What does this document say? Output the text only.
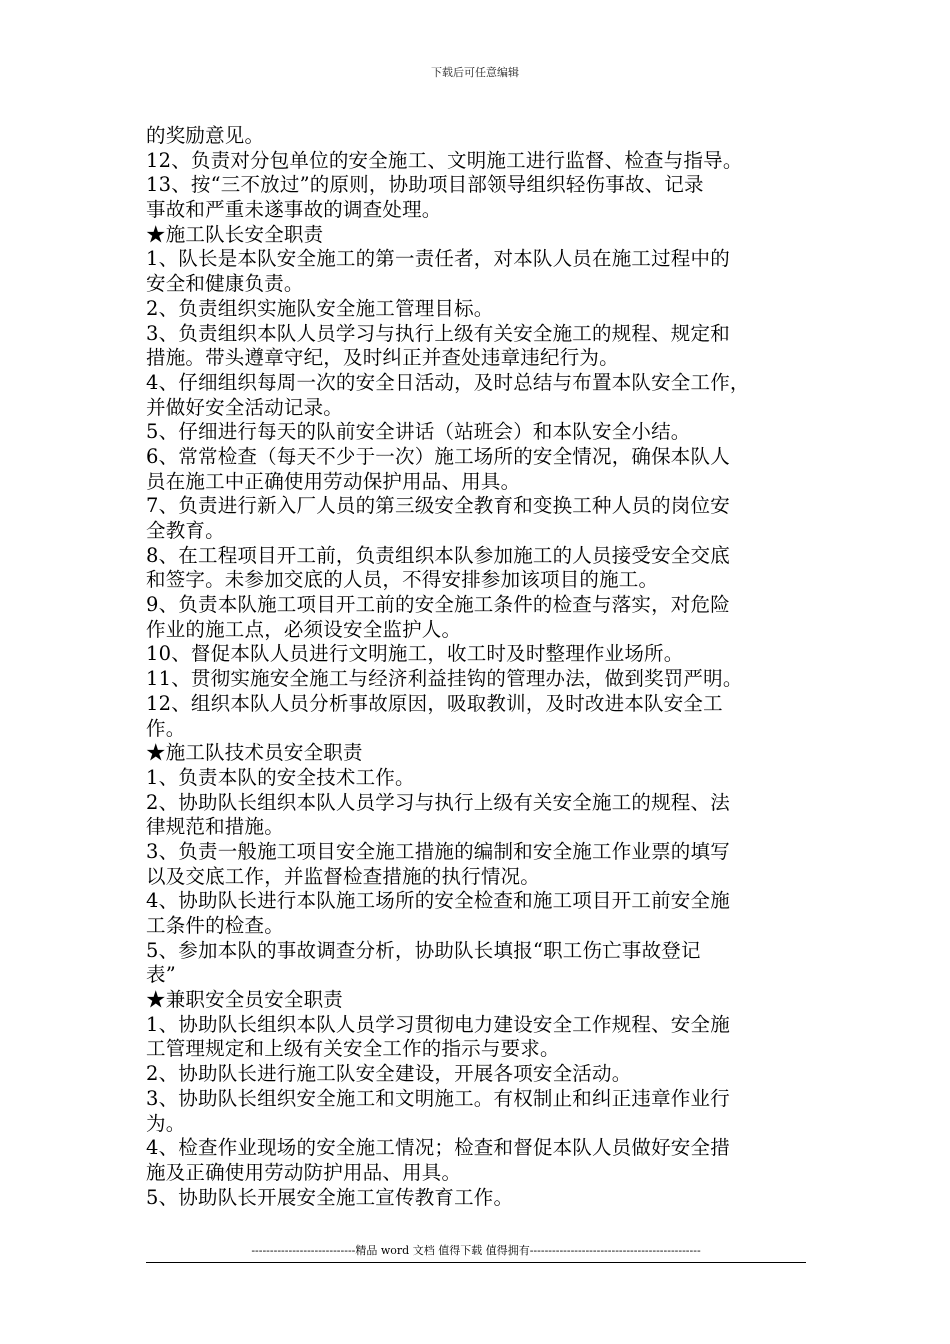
下载后可任意编辑
的奖励意见。
12、负责对分包单位的安全施工、文明施工进行监督、检查与指导。
13、按“三不放过”的原则，协助项目部领导组织轻伤事故、记录
事故和严重未遂事故的调查处理。
★施工队长安全职责
1、队长是本队安全施工的第一责任者，对本队人员在施工过程中的
安全和健康负责。
2、负责组织实施队安全施工管理目标。
3、负责组织本队人员学习与执行上级有关安全施工的规程、规定和
措施。带头遵章守纪，及时纠正并查处违章违纪行为。
4、仔细组织每周一次的安全日活动，及时总结与布置本队安全工作，
并做好安全活动记录。
5、仔细进行每天的队前安全讲话（站班会）和本队安全小结。
6、常常检查（每天不少于一次）施工场所的安全情况，确保本队人
员在施工中正确使用劳动保护用品、用具。
7、负责进行新入厂人员的第三级安全教育和变换工种人员的岗位安
全教育。
8、在工程项目开工前，负责组织本队参加施工的人员接受安全交底
和签字。未参加交底的人员，不得安排参加该项目的施工。
9、负责本队施工项目开工前的安全施工条件的检查与落实，对危险
作业的施工点，必须设安全监护人。
10、督促本队人员进行文明施工，收工时及时整理作业场所。
11、贯彻实施安全施工与经济利益挂钩的管理办法，做到奖罚严明。
12、组织本队人员分析事故原因，吸取教训，及时改进本队安全工
作。
★施工队技术员安全职责
1、负责本队的安全技术工作。
2、协助队长组织本队人员学习与执行上级有关安全施工的规程、法
律规范和措施。
3、负责一般施工项目安全施工措施的编制和安全施工作业票的填写
以及交底工作，并监督检查措施的执行情况。
4、协助队长进行本队施工场所的安全检查和施工项目开工前安全施
工条件的检查。
5、参加本队的事故调查分析，协助队长填报“职工伤亡事故登记
表”
★兼职安全员安全职责
1、协助队长组织本队人员学习贯彻电力建设安全工作规程、安全施
工管理规定和上级有关安全工作的指示与要求。
2、协助队长进行施工队安全建设，开展各项安全活动。
3、协助队长组织安全施工和文明施工。有权制止和纠正违章作业行
为。
4、检查作业现场的安全施工情况；检查和督促本队人员做好安全措
施及正确使用劳动防护用品、用具。
5、协助队长开展安全施工宣传教育工作。
----------------------------精品 word 文档 值得下载 值得拥有----------------------------------------------
